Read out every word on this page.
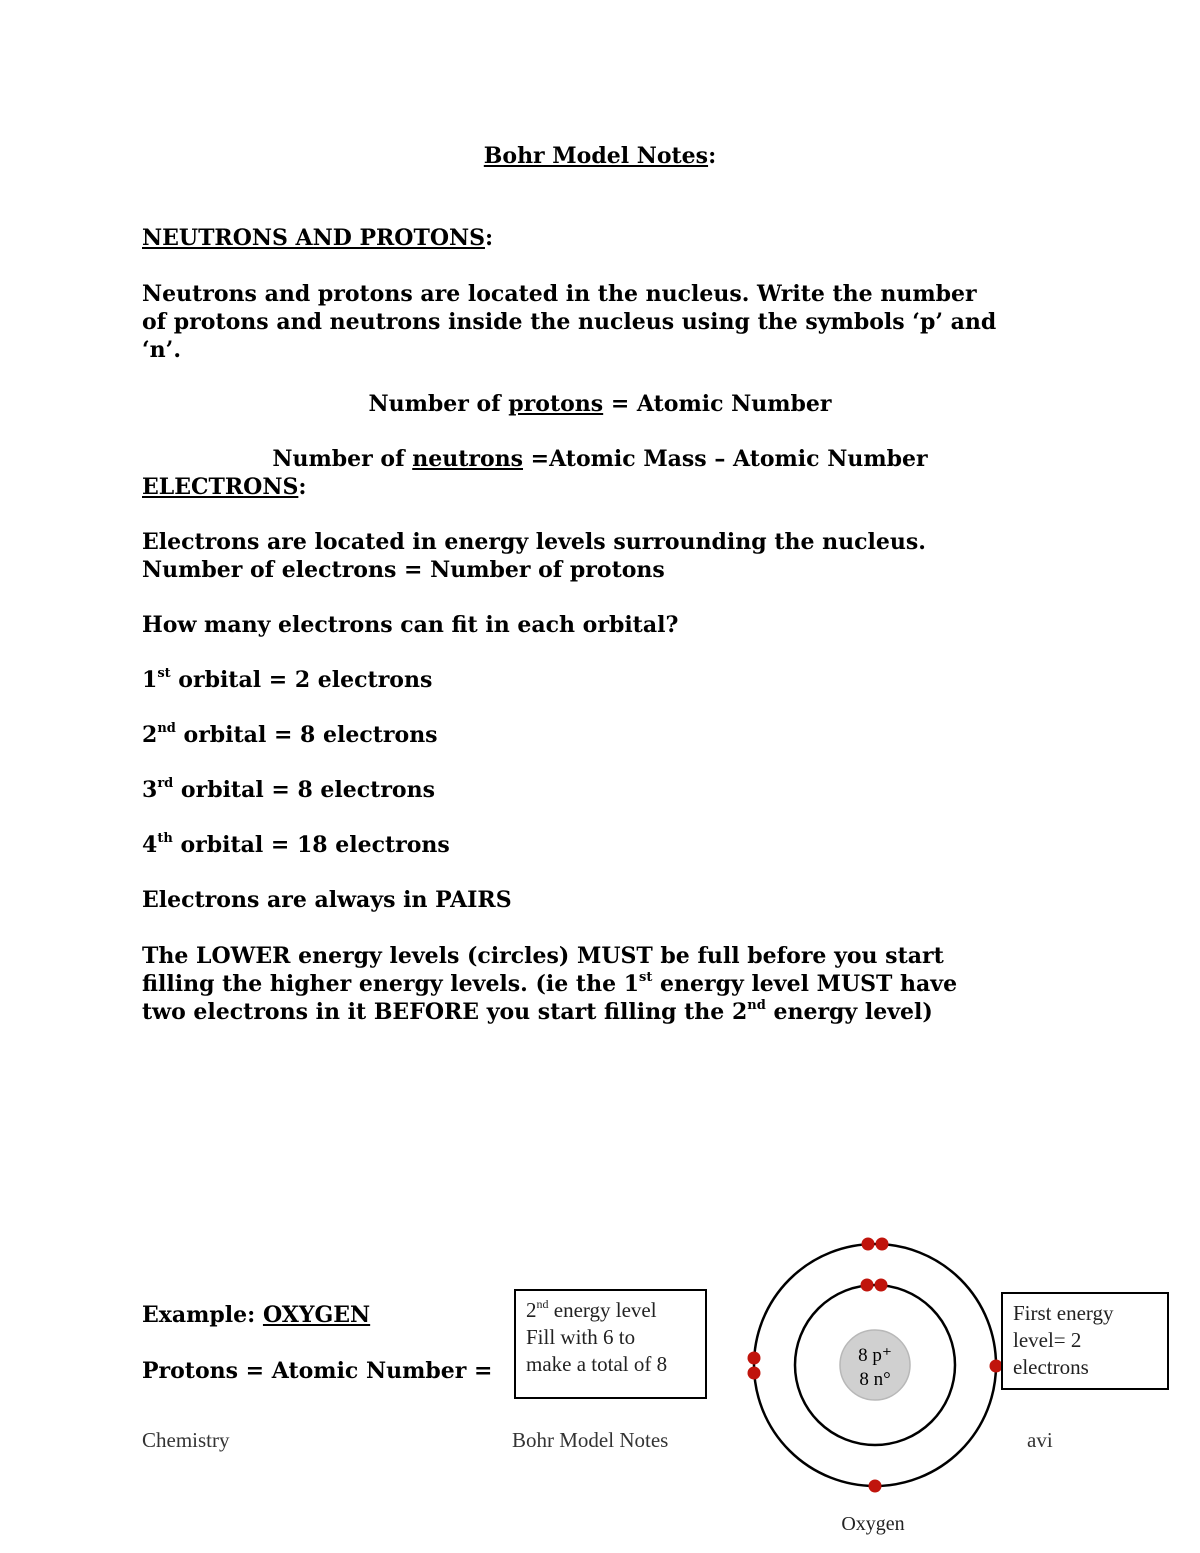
Bohr Model Notes:
NEUTRONS AND PROTONS:
Neutrons and protons are located in the nucleus. Write the number
of protons and neutrons inside the nucleus using the symbols ‘p’ and
‘n’.
Number of protons = Atomic Number
Number of neutrons =Atomic Mass – Atomic Number
ELECTRONS:
Electrons are located in energy levels surrounding the nucleus.
Number of electrons = Number of protons
How many electrons can fit in each orbital?
1st orbital = 2 electrons
2nd orbital = 8 electrons
3rd orbital = 8 electrons
4th orbital = 18 electrons
Electrons are always in PAIRS
The LOWER energy levels (circles) MUST be full before you start
filling the higher energy levels. (ie the 1st energy level MUST have
two electrons in it BEFORE you start filling the 2nd energy level)
Example: OXYGEN
Protons = Atomic Number =
Chemistry	Bohr Model Notes	avi
8 p⁺
8 n°
Oxygen
2nd energy level
Fill with 6 to
make a total of 8
First energy
level= 2
electrons
